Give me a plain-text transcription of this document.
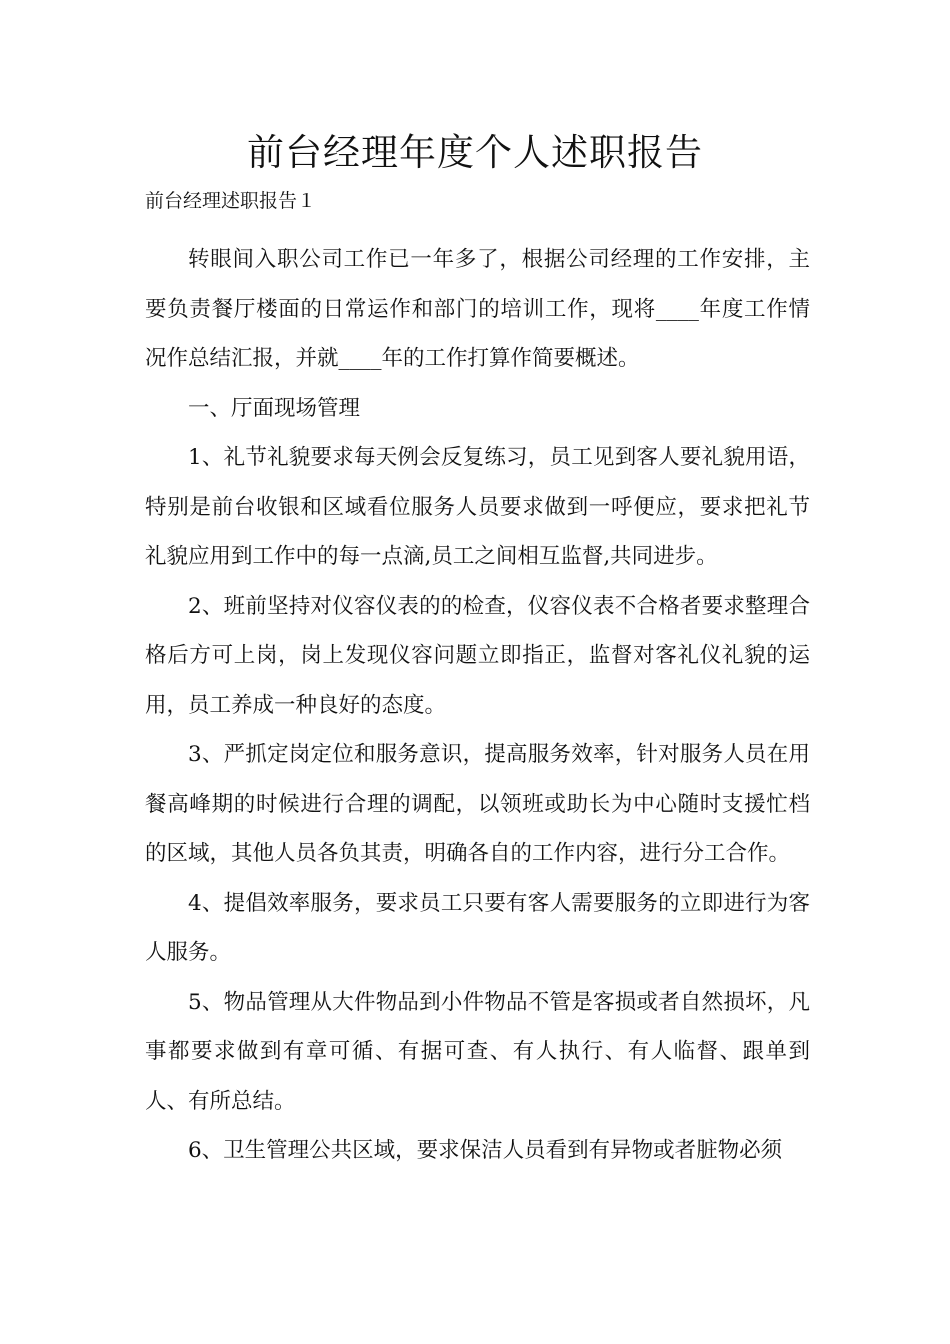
前台经理年度个人述职报告
前台经理述职报告１

转眼间入职公司工作已一年多了，根据公司经理的工作安排，主要负责餐厅楼面的日常运作和部门的培训工作，现将____年度工作情况作总结汇报，并就____年的工作打算作简要概述。

一、厅面现场管理

1、礼节礼貌要求每天例会反复练习，员工见到客人要礼貌用语，特别是前台收银和区域看位服务人员要求做到一呼便应，要求把礼节礼貌应用到工作中的每一点滴,员工之间相互监督,共同进步。

2、班前坚持对仪容仪表的的检查，仪容仪表不合格者要求整理合格后方可上岗，岗上发现仪容问题立即指正，监督对客礼仪礼貌的运用，员工养成一种良好的态度。

3、严抓定岗定位和服务意识，提高服务效率，针对服务人员在用餐高峰期的时候进行合理的调配，以领班或助长为中心随时支援忙档的区域，其他人员各负其责，明确各自的工作内容，进行分工合作。

4、提倡效率服务，要求员工只要有客人需要服务的立即进行为客人服务。

5、物品管理从大件物品到小件物品不管是客损或者自然损坏，凡事都要求做到有章可循、有据可查、有人执行、有人临督、跟单到人、有所总结。

6、卫生管理公共区域，要求保洁人员看到有异物或者脏物必须
